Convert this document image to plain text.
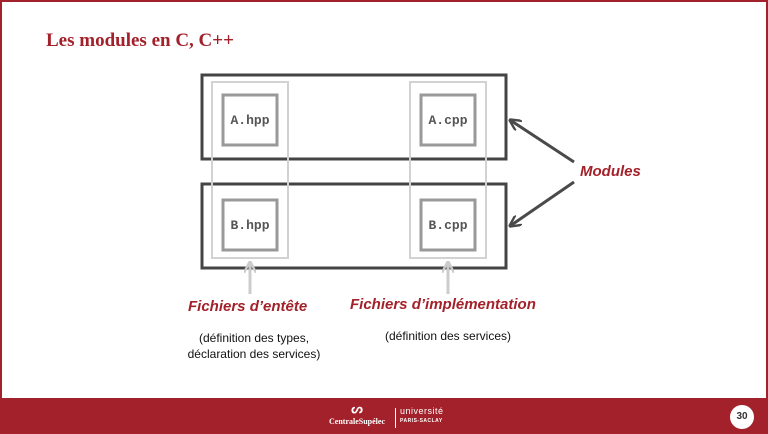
Les modules en C, C++
A.hpp	A.cpp
B.hpp	B.cpp
Modules
Fichiers d’entête
(définition des types,
déclaration des services)
Fichiers d’implémentation
(définition des services)
ᔕ
CentraleSupélec
université
PARIS-SACLAY	30
